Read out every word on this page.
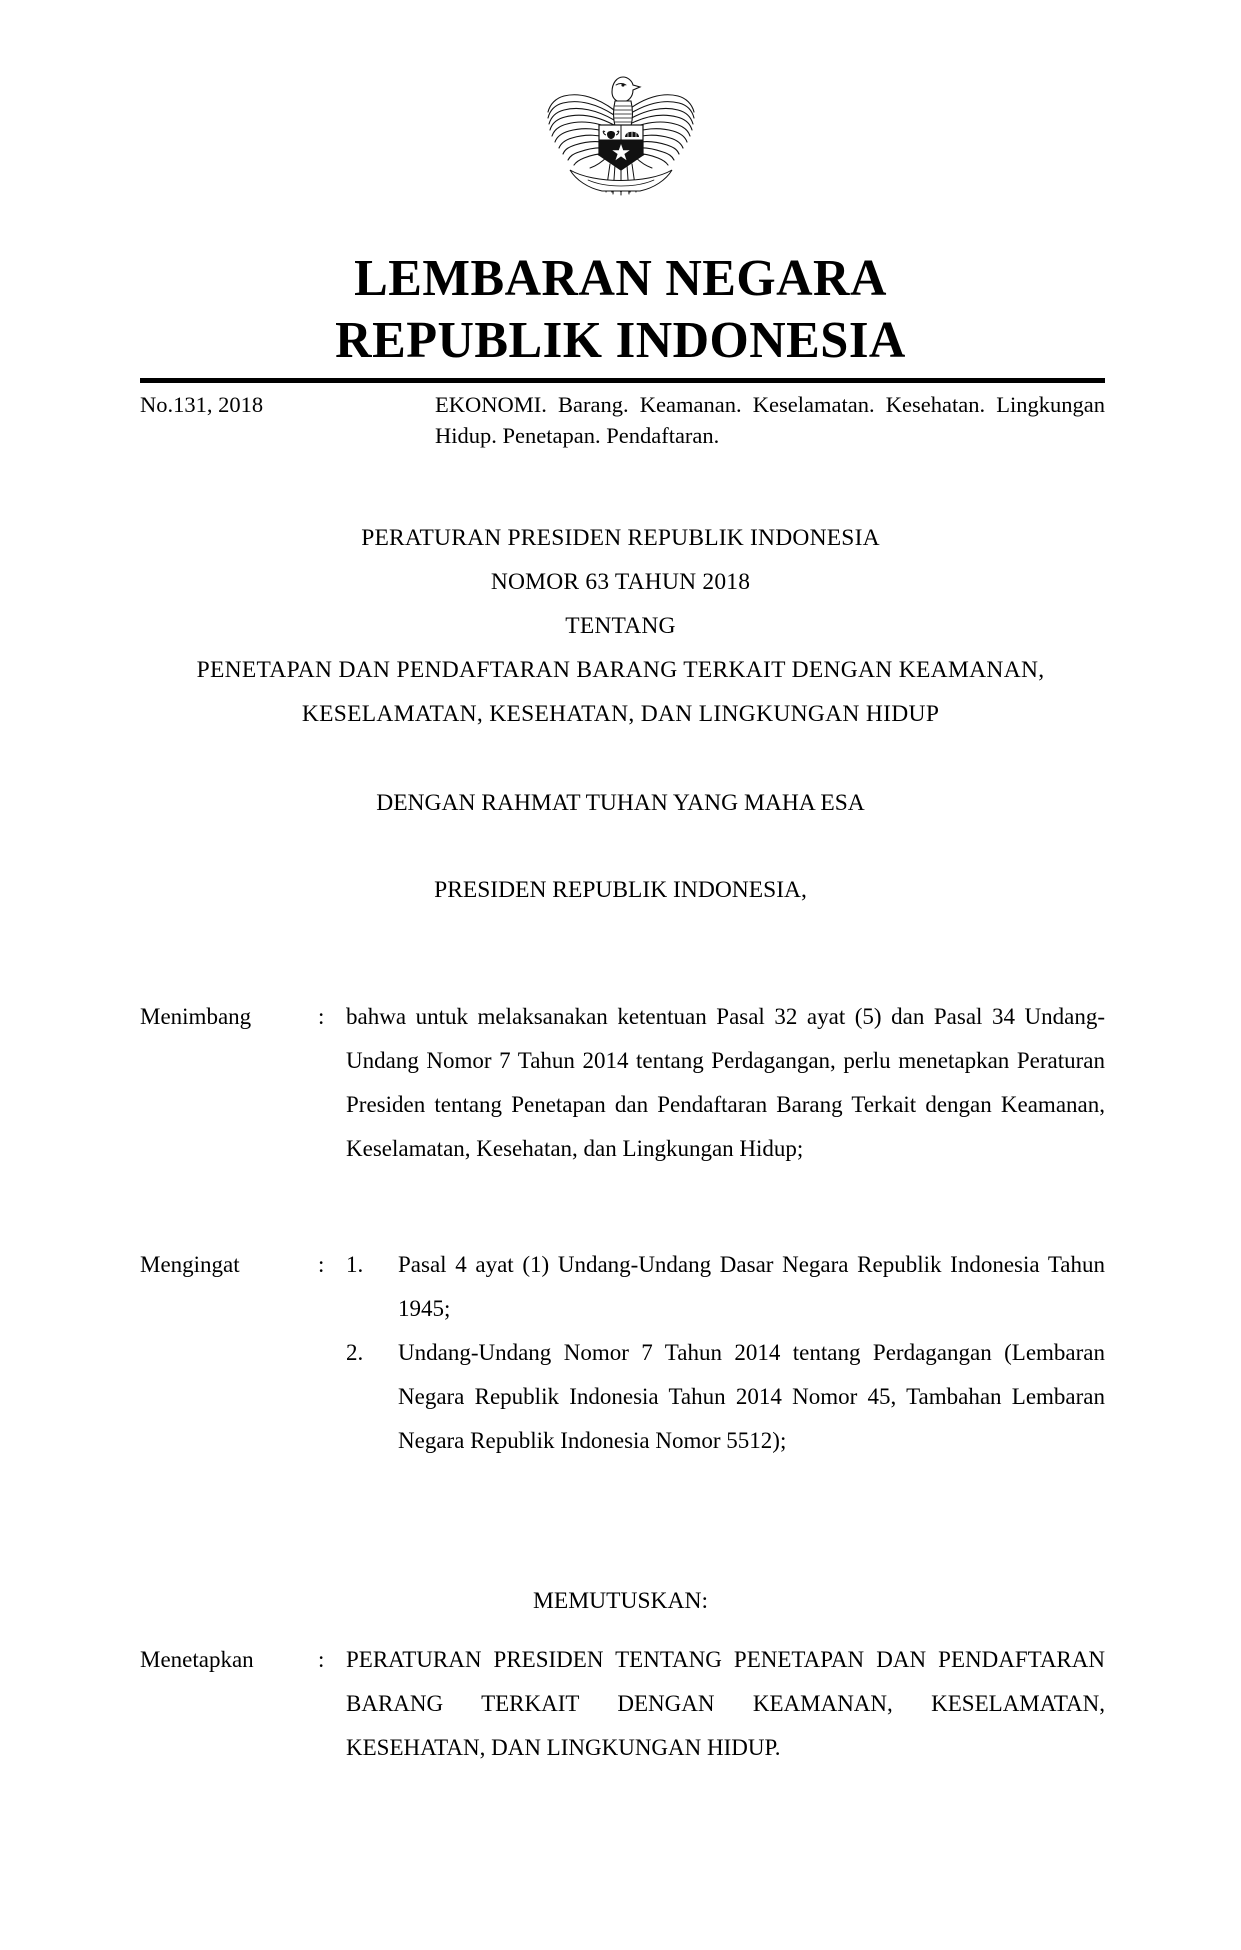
LEMBARAN NEGARA
REPUBLIK INDONESIA
No.131, 2018	EKONOMI. Barang. Keamanan. Keselamatan. Kesehatan. Lingkungan Hidup. Penetapan. Pendaftaran.
PERATURAN PRESIDEN REPUBLIK INDONESIA
NOMOR 63 TAHUN 2018
TENTANG
PENETAPAN DAN PENDAFTARAN BARANG TERKAIT DENGAN KEAMANAN,
KESELAMATAN, KESEHATAN, DAN LINGKUNGAN HIDUP
DENGAN RAHMAT TUHAN YANG MAHA ESA
PRESIDEN REPUBLIK INDONESIA,
Menimbang	: bahwa untuk melaksanakan ketentuan Pasal 32 ayat (5) dan Pasal 34 Undang-Undang Nomor 7 Tahun 2014 tentang Perdagangan, perlu menetapkan Peraturan Presiden tentang Penetapan dan Pendaftaran Barang Terkait dengan Keamanan, Keselamatan, Kesehatan, dan Lingkungan Hidup;
Mengingat	: 1.	Pasal 4 ayat (1) Undang-Undang Dasar Negara Republik Indonesia Tahun 1945;
2.	Undang-Undang Nomor 7 Tahun 2014 tentang Perdagangan (Lembaran Negara Republik Indonesia Tahun 2014 Nomor 45, Tambahan Lembaran Negara Republik Indonesia Nomor 5512);
MEMUTUSKAN:
Menetapkan	: PERATURAN PRESIDEN TENTANG PENETAPAN DAN PENDAFTARAN BARANG TERKAIT DENGAN KEAMANAN, KESELAMATAN, KESEHATAN, DAN LINGKUNGAN HIDUP.
